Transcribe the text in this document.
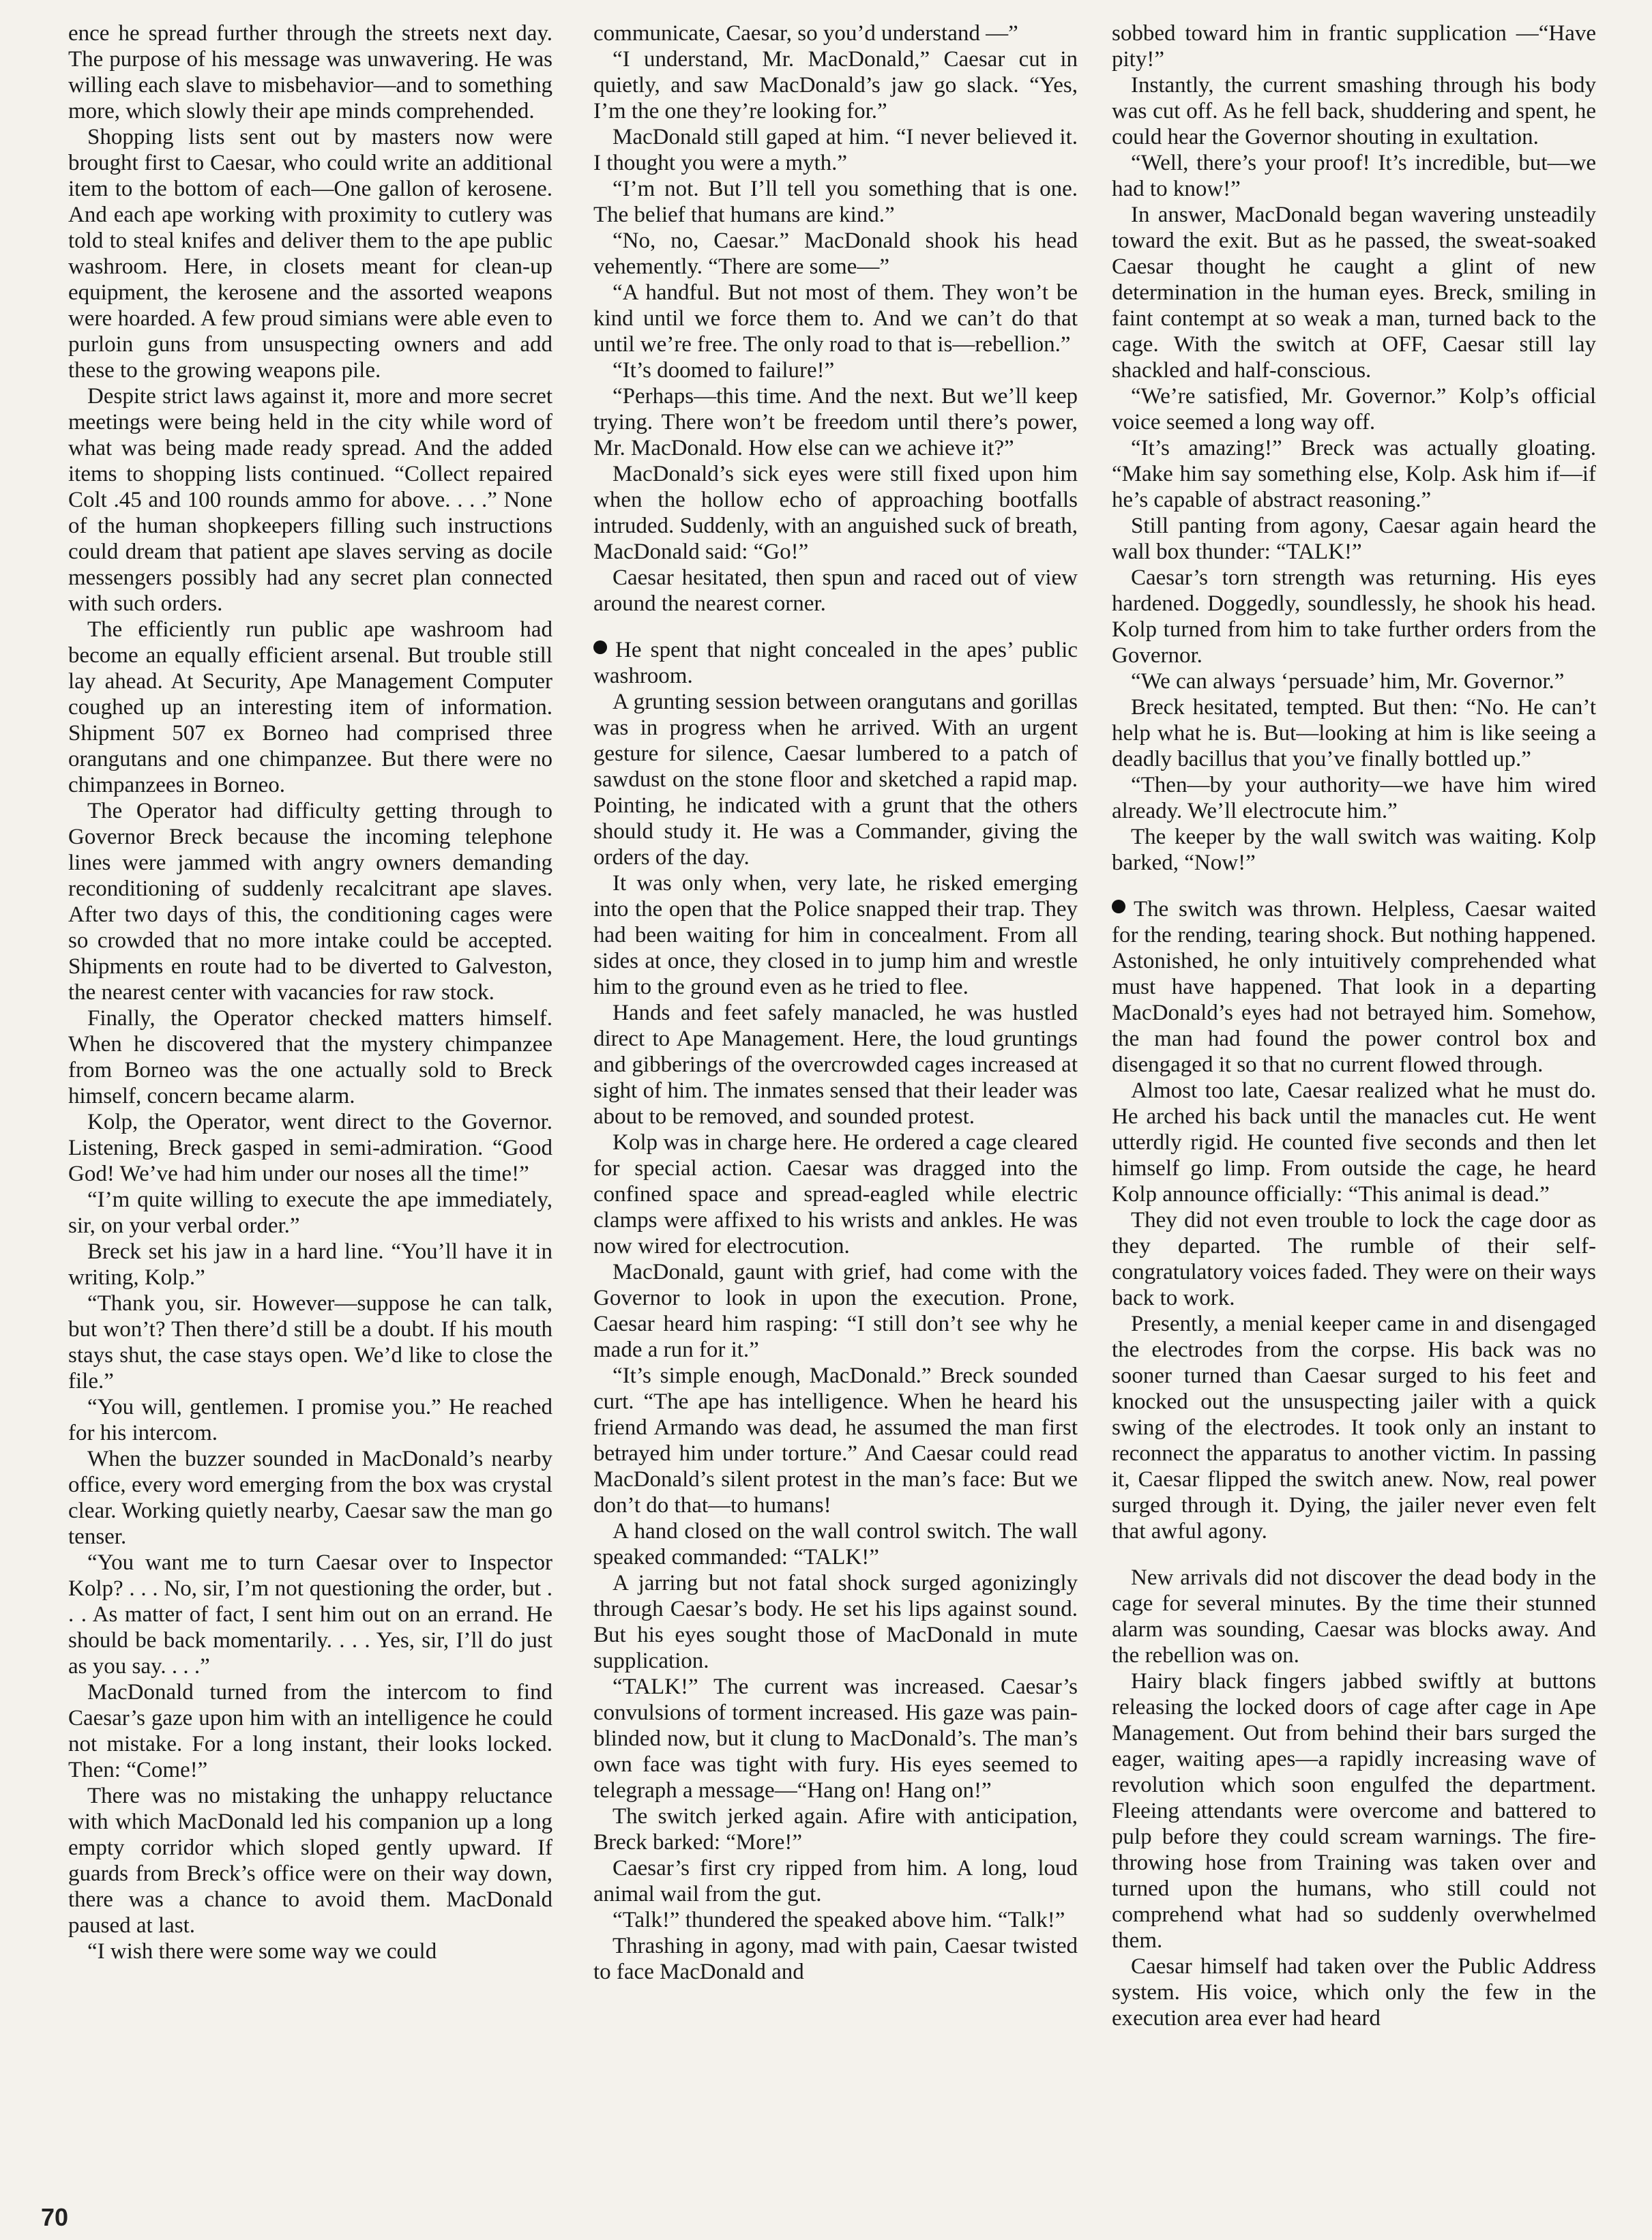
ence he spread further through the streets next day. The purpose of his message was unwavering. He was willing each slave to misbehavior—and to something more, which slowly their ape minds comprehended.

Shopping lists sent out by masters now were brought first to Caesar, who could write an additional item to the bottom of each—One gallon of kerosene. And each ape working with proximity to cutlery was told to steal knifes and deliver them to the ape public washroom. Here, in closets meant for clean-up equipment, the kerosene and the assorted weapons were hoarded. A few proud simians were able even to purloin guns from unsuspecting owners and add these to the growing weapons pile.

Despite strict laws against it, more and more secret meetings were being held in the city while word of what was being made ready spread. And the added items to shopping lists continued. “Collect repaired Colt .45 and 100 rounds ammo for above. . . .” None of the human shopkeepers filling such instructions could dream that patient ape slaves serving as docile messengers possibly had any secret plan connected with such orders.

The efficiently run public ape washroom had become an equally efficient arsenal. But trouble still lay ahead. At Security, Ape Management Computer coughed up an interesting item of information. Shipment 507 ex Borneo had comprised three orangutans and one chimpanzee. But there were no chimpanzees in Borneo.

The Operator had difficulty getting through to Governor Breck because the incoming telephone lines were jammed with angry owners demanding reconditioning of suddenly recalcitrant ape slaves. After two days of this, the conditioning cages were so crowded that no more intake could be accepted. Shipments en route had to be diverted to Galveston, the nearest center with vacancies for raw stock.

Finally, the Operator checked matters himself. When he discovered that the mystery chimpanzee from Borneo was the one actually sold to Breck himself, concern became alarm.

Kolp, the Operator, went direct to the Governor. Listening, Breck gasped in semi-admiration. “Good God! We’ve had him under our noses all the time!”

“I’m quite willing to execute the ape immediately, sir, on your verbal order.”

Breck set his jaw in a hard line. “You’ll have it in writing, Kolp.”

“Thank you, sir. However—suppose he can talk, but won’t? Then there’d still be a doubt. If his mouth stays shut, the case stays open. We’d like to close the file.”

“You will, gentlemen. I promise you.” He reached for his intercom.

When the buzzer sounded in MacDonald’s nearby office, every word emerging from the box was crystal clear. Working quietly nearby, Caesar saw the man go tenser.

“You want me to turn Caesar over to Inspector Kolp? . . . No, sir, I’m not questioning the order, but . . . As matter of fact, I sent him out on an errand. He should be back momentarily. . . . Yes, sir, I’ll do just as you say. . . .”

MacDonald turned from the intercom to find Caesar’s gaze upon him with an intelligence he could not mistake. For a long instant, their looks locked. Then: “Come!”

There was no mistaking the unhappy reluctance with which MacDonald led his companion up a long empty corridor which sloped gently upward. If guards from Breck’s office were on their way down, there was a chance to avoid them. MacDonald paused at last.

“I wish there were some way we could

communicate, Caesar, so you’d understand —”

“I understand, Mr. MacDonald,” Caesar cut in quietly, and saw MacDonald’s jaw go slack. “Yes, I’m the one they’re looking for.”

MacDonald still gaped at him. “I never believed it. I thought you were a myth.”

“I’m not. But I’ll tell you something that is one. The belief that humans are kind.”

“No, no, Caesar.” MacDonald shook his head vehemently. “There are some—”

“A handful. But not most of them. They won’t be kind until we force them to. And we can’t do that until we’re free. The only road to that is—rebellion.”

“It’s doomed to failure!”

“Perhaps—this time. And the next. But we’ll keep trying. There won’t be freedom until there’s power, Mr. MacDonald. How else can we achieve it?”

MacDonald’s sick eyes were still fixed upon him when the hollow echo of approaching bootfalls intruded. Suddenly, with an anguished suck of breath, MacDonald said: “Go!”

Caesar hesitated, then spun and raced out of view around the nearest corner.

He spent that night concealed in the apes’ public washroom.

A grunting session between orangutans and gorillas was in progress when he arrived. With an urgent gesture for silence, Caesar lumbered to a patch of sawdust on the stone floor and sketched a rapid map. Pointing, he indicated with a grunt that the others should study it. He was a Commander, giving the orders of the day.

It was only when, very late, he risked emerging into the open that the Police snapped their trap. They had been waiting for him in concealment. From all sides at once, they closed in to jump him and wrestle him to the ground even as he tried to flee.

Hands and feet safely manacled, he was hustled direct to Ape Management. Here, the loud gruntings and gibberings of the overcrowded cages increased at sight of him. The inmates sensed that their leader was about to be removed, and sounded protest.

Kolp was in charge here. He ordered a cage cleared for special action. Caesar was dragged into the confined space and spread-eagled while electric clamps were affixed to his wrists and ankles. He was now wired for electrocution.

MacDonald, gaunt with grief, had come with the Governor to look in upon the execution. Prone, Caesar heard him rasping: “I still don’t see why he made a run for it.”

“It’s simple enough, MacDonald.” Breck sounded curt. “The ape has intelligence. When he heard his friend Armando was dead, he assumed the man first betrayed him under torture.” And Caesar could read MacDonald’s silent protest in the man’s face: But we don’t do that—to humans!

A hand closed on the wall control switch. The wall speaked commanded: “TALK!”

A jarring but not fatal shock surged agonizingly through Caesar’s body. He set his lips against sound. But his eyes sought those of MacDonald in mute supplication.

“TALK!” The current was increased. Caesar’s convulsions of torment increased. His gaze was pain-blinded now, but it clung to MacDonald’s. The man’s own face was tight with fury. His eyes seemed to telegraph a message—“Hang on! Hang on!”

The switch jerked again. Afire with anticipation, Breck barked: “More!”

Caesar’s first cry ripped from him. A long, loud animal wail from the gut.

“Talk!” thundered the speaked above him. “Talk!”

Thrashing in agony, mad with pain, Caesar twisted to face MacDonald and

sobbed toward him in frantic supplication —“Have pity!”

Instantly, the current smashing through his body was cut off. As he fell back, shuddering and spent, he could hear the Governor shouting in exultation.

“Well, there’s your proof! It’s incredible, but—we had to know!”

In answer, MacDonald began wavering unsteadily toward the exit. But as he passed, the sweat-soaked Caesar thought he caught a glint of new determination in the human eyes. Breck, smiling in faint contempt at so weak a man, turned back to the cage. With the switch at OFF, Caesar still lay shackled and half-conscious.

“We’re satisfied, Mr. Governor.” Kolp’s official voice seemed a long way off.

“It’s amazing!” Breck was actually gloating. “Make him say something else, Kolp. Ask him if—if he’s capable of abstract reasoning.”

Still panting from agony, Caesar again heard the wall box thunder: “TALK!”

Caesar’s torn strength was returning. His eyes hardened. Doggedly, soundlessly, he shook his head. Kolp turned from him to take further orders from the Governor.

“We can always ‘persuade’ him, Mr. Governor.”

Breck hesitated, tempted. But then: “No. He can’t help what he is. But—looking at him is like seeing a deadly bacillus that you’ve finally bottled up.”

“Then—by your authority—we have him wired already. We’ll electrocute him.”

The keeper by the wall switch was waiting. Kolp barked, “Now!”

The switch was thrown. Helpless, Caesar waited for the rending, tearing shock. But nothing happened. Astonished, he only intuitively comprehended what must have happened. That look in a departing MacDonald’s eyes had not betrayed him. Somehow, the man had found the power control box and disengaged it so that no current flowed through.

Almost too late, Caesar realized what he must do. He arched his back until the manacles cut. He went utterdly rigid. He counted five seconds and then let himself go limp. From outside the cage, he heard Kolp announce officially: “This animal is dead.”

They did not even trouble to lock the cage door as they departed. The rumble of their self-congratulatory voices faded. They were on their ways back to work.

Presently, a menial keeper came in and disengaged the electrodes from the corpse. His back was no sooner turned than Caesar surged to his feet and knocked out the unsuspecting jailer with a quick swing of the electrodes. It took only an instant to reconnect the apparatus to another victim. In passing it, Caesar flipped the switch anew. Now, real power surged through it. Dying, the jailer never even felt that awful agony.

New arrivals did not discover the dead body in the cage for several minutes. By the time their stunned alarm was sounding, Caesar was blocks away. And the rebellion was on.

Hairy black fingers jabbed swiftly at buttons releasing the locked doors of cage after cage in Ape Management. Out from behind their bars surged the eager, waiting apes—a rapidly increasing wave of revolution which soon engulfed the department. Fleeing attendants were overcome and battered to pulp before they could scream warnings. The fire-throwing hose from Training was taken over and turned upon the humans, who still could not comprehend what had so suddenly overwhelmed them.

Caesar himself had taken over the Public Address system. His voice, which only the few in the execution area ever had heard

70
